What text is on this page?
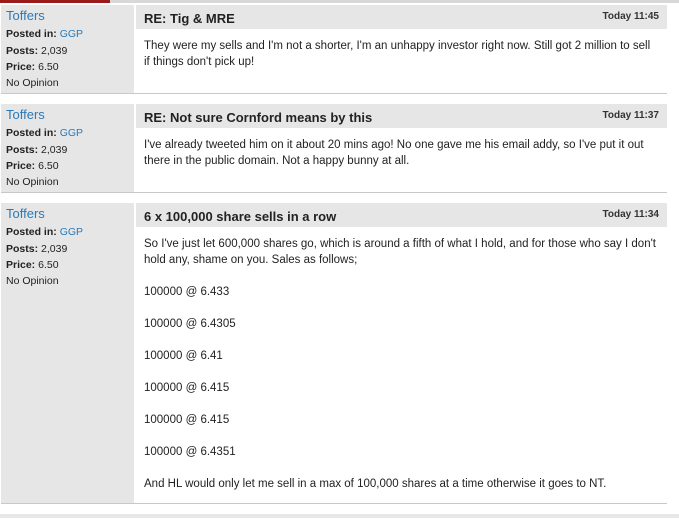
Toffers
Posted in: GGP
Posts: 2,039
Price: 6.50
No Opinion
RE: Tig & MRE	Today 11:45

They were my sells and I'm not a shorter, I'm an unhappy investor right now. Still got 2 million to sell if things don't pick up!

Toffers
Posted in: GGP
Posts: 2,039
Price: 6.50
No Opinion
RE: Not sure Cornford means by this	Today 11:37

I've already tweeted him on it about 20 mins ago! No one gave me his email addy, so I've put it out there in the public domain. Not a happy bunny at all.

Toffers
Posted in: GGP
Posts: 2,039
Price: 6.50
No Opinion
6 x 100,000 share sells in a row	Today 11:34

So I've just let 600,000 shares go, which is around a fifth of what I hold, and for those who say I don't hold any, shame on you. Sales as follows;

100000 @ 6.433

100000 @ 6.4305

100000 @ 6.41

100000 @ 6.415

100000 @ 6.415

100000 @ 6.4351

And HL would only let me sell in a max of 100,000 shares at a time otherwise it goes to NT.
